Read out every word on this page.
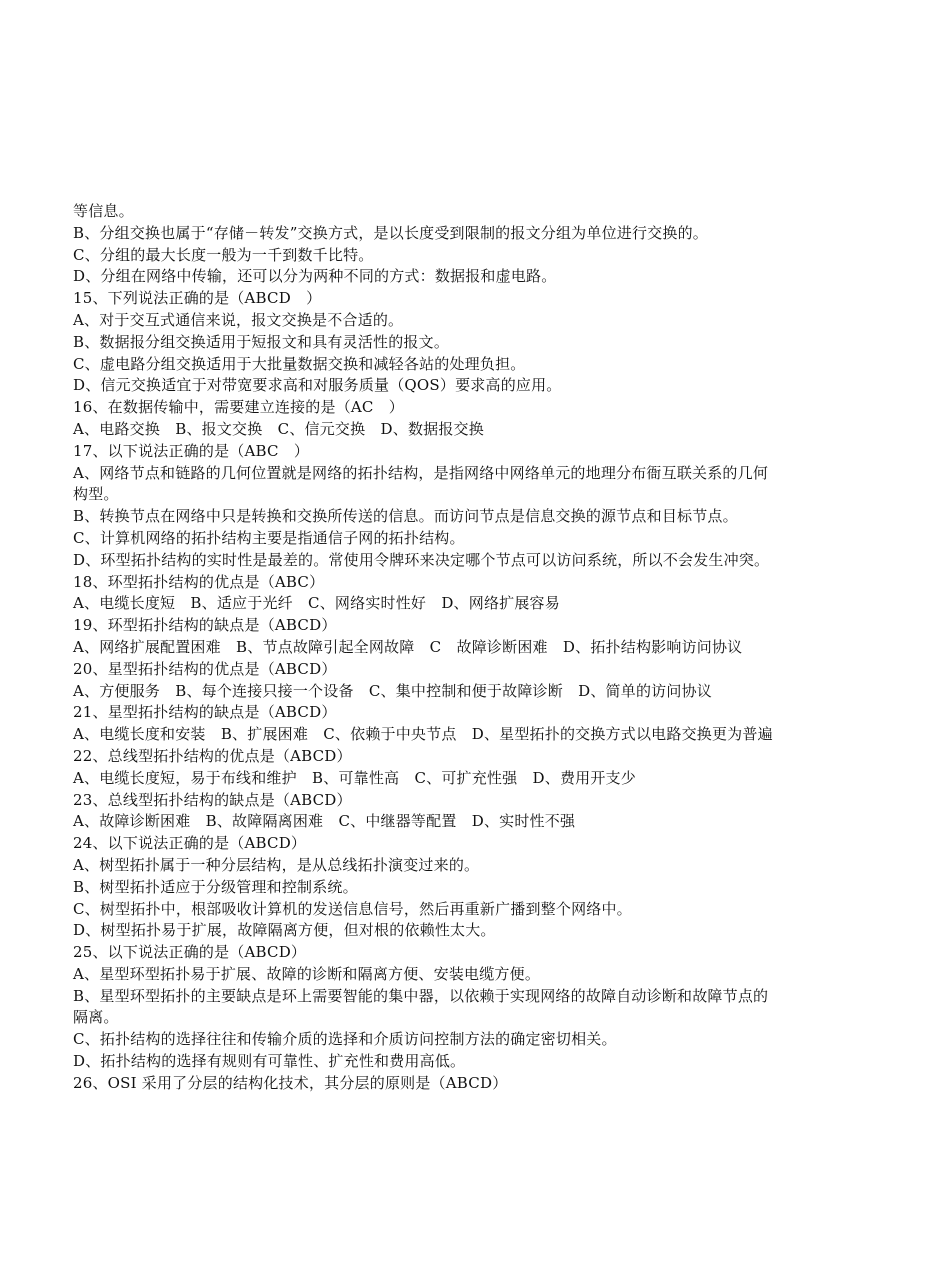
等信息。
B、分组交换也属于“存储－转发”交换方式，是以长度受到限制的报文分组为单位进行交换的。
C、分组的最大长度一般为一千到数千比特。
D、分组在网络中传输，还可以分为两种不同的方式：数据报和虚电路。
15、下列说法正确的是（ABCD　）
A、对于交互式通信来说，报文交换是不合适的。
B、数据报分组交换适用于短报文和具有灵活性的报文。
C、虚电路分组交换适用于大批量数据交换和减轻各站的处理负担。
D、信元交换适宜于对带宽要求高和对服务质量（QOS）要求高的应用。
16、在数据传输中，需要建立连接的是（AC　）
A、电路交换　B、报文交换　C、信元交换　D、数据报交换
17、以下说法正确的是（ABC　）
A、网络节点和链路的几何位置就是网络的拓扑结构，是指网络中网络单元的地理分布衙互联关系的几何
构型。
B、转换节点在网络中只是转换和交换所传送的信息。而访问节点是信息交换的源节点和目标节点。
C、计算机网络的拓扑结构主要是指通信子网的拓扑结构。
D、环型拓扑结构的实时性是最差的。常使用令牌环来决定哪个节点可以访问系统，所以不会发生冲突。
18、环型拓扑结构的优点是（ABC）
A、电缆长度短　B、适应于光纤　C、网络实时性好　D、网络扩展容易
19、环型拓扑结构的缺点是（ABCD）
A、网络扩展配置困难　B、节点故障引起全网故障　C　故障诊断困难　D、拓扑结构影响访问协议
20、星型拓扑结构的优点是（ABCD）
A、方便服务　B、每个连接只接一个设备　C、集中控制和便于故障诊断　D、简单的访问协议
21、星型拓扑结构的缺点是（ABCD）
A、电缆长度和安装　B、扩展困难　C、依赖于中央节点　D、星型拓扑的交换方式以电路交换更为普遍
22、总线型拓扑结构的优点是（ABCD）
A、电缆长度短，易于布线和维护　B、可靠性高　C、可扩充性强　D、费用开支少
23、总线型拓扑结构的缺点是（ABCD）
A、故障诊断困难　B、故障隔离困难　C、中继器等配置　D、实时性不强
24、以下说法正确的是（ABCD）
A、树型拓扑属于一种分层结构，是从总线拓扑演变过来的。
B、树型拓扑适应于分级管理和控制系统。
C、树型拓扑中，根部吸收计算机的发送信息信号，然后再重新广播到整个网络中。
D、树型拓扑易于扩展，故障隔离方便，但对根的依赖性太大。
25、以下说法正确的是（ABCD）
A、星型环型拓扑易于扩展、故障的诊断和隔离方便、安装电缆方便。
B、星型环型拓扑的主要缺点是环上需要智能的集中器，以依赖于实现网络的故障自动诊断和故障节点的
隔离。
C、拓扑结构的选择往往和传输介质的选择和介质访问控制方法的确定密切相关。
D、拓扑结构的选择有规则有可靠性、扩充性和费用高低。
26、OSI 采用了分层的结构化技术，其分层的原则是（ABCD）
